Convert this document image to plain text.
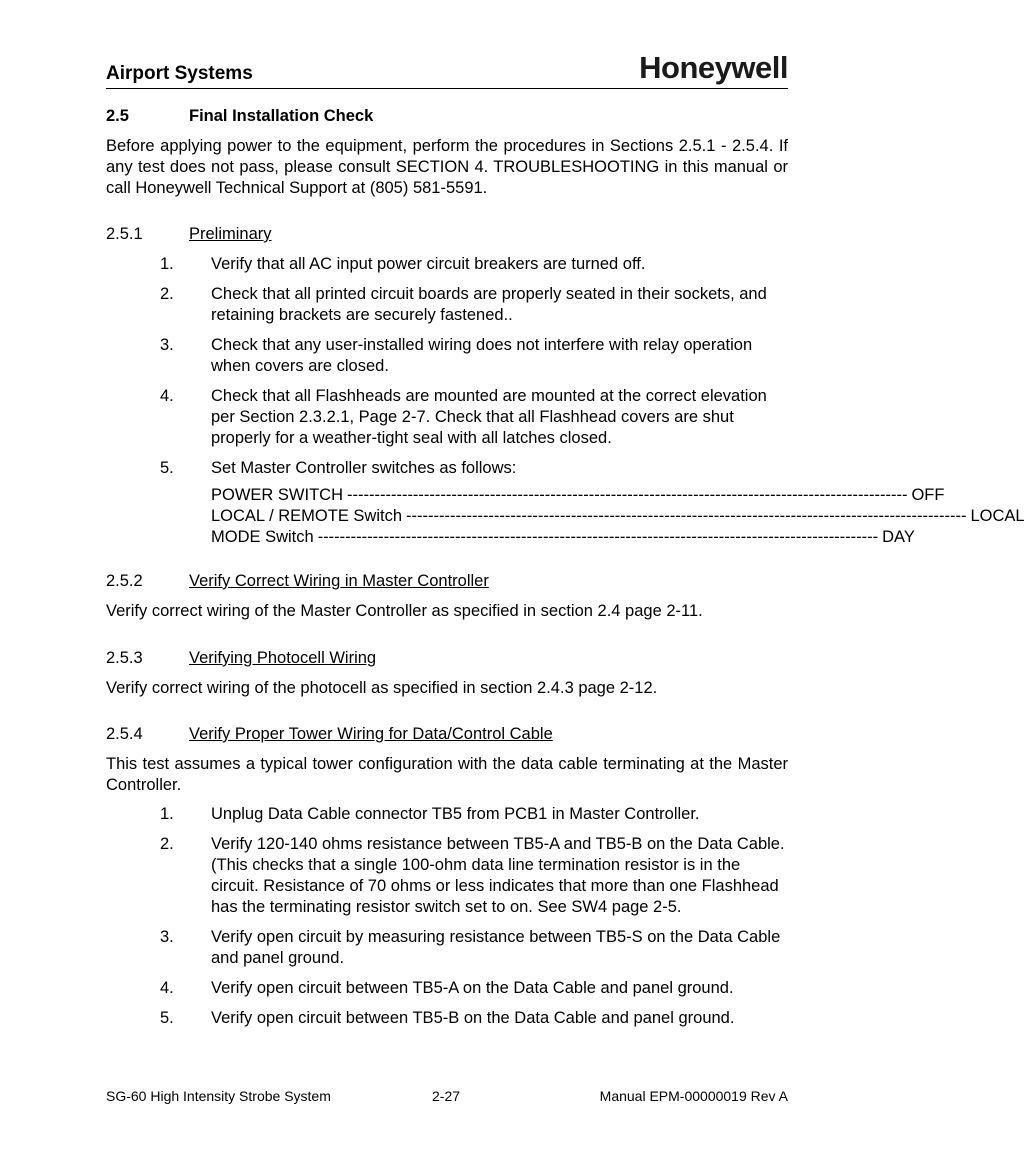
Airport Systems	Honeywell
2.5	Final Installation Check
Before applying power to the equipment, perform the procedures in Sections 2.5.1 - 2.5.4. If any test does not pass, please consult SECTION 4. TROUBLESHOOTING in this manual or call Honeywell Technical Support at (805) 581-5591.
2.5.1	Preliminary
1. Verify that all AC input power circuit breakers are turned off.
2. Check that all printed circuit boards are properly seated in their sockets, and retaining brackets are securely fastened..
3. Check that any user-installed wiring does not interfere with relay operation when covers are closed.
4. Check that all Flashheads are mounted are mounted at the correct elevation per Section 2.3.2.1, Page 2-7. Check that all Flashhead covers are shut properly for a weather-tight seal with all latches closed.
5. Set Master Controller switches as follows:
POWER SWITCH ------------------------------------------------------------------------------------------------------ OFF
LOCAL / REMOTE Switch ------------------------------------------------------------------------------------------------------ LOCAL
MODE Switch ------------------------------------------------------------------------------------------------------ DAY
2.5.2	Verify Correct Wiring in Master Controller
Verify correct wiring of the Master Controller as specified in section 2.4 page 2-11.
2.5.3	Verifying Photocell Wiring
Verify correct wiring of the photocell as specified in section 2.4.3 page 2-12.
2.5.4	Verify Proper Tower Wiring for Data/Control Cable
This test assumes a typical tower configuration with the data cable terminating at the Master Controller.
1. Unplug Data Cable connector TB5 from PCB1 in Master Controller.
2. Verify 120-140 ohms resistance between TB5-A and TB5-B on the Data Cable. (This checks that a single 100-ohm data line termination resistor is in the circuit. Resistance of 70 ohms or less indicates that more than one Flashhead has the terminating resistor switch set to on. See SW4 page 2-5.
3. Verify open circuit by measuring resistance between TB5-S on the Data Cable and panel ground.
4. Verify open circuit between TB5-A on the Data Cable and panel ground.
5. Verify open circuit between TB5-B on the Data Cable and panel ground.
SG-60 High Intensity Strobe System	2-27	Manual EPM-00000019 Rev A
